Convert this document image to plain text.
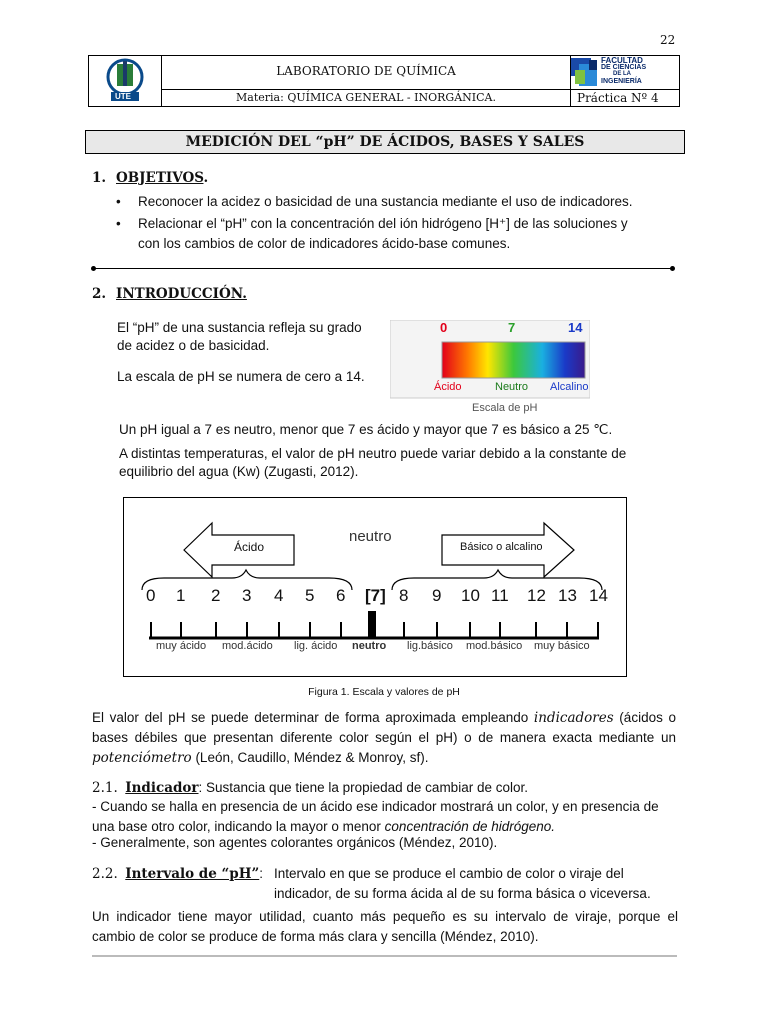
22
UTE
LABORATORIO DE QUÍMICA
Materia: QUÍMICA GENERAL - INORGÁNICA.
FACULTAD
DE CIENCIAS
DE LA
INGENIERÍA
Práctica Nº 4
MEDICIÓN DEL “pH” DE ÁCIDOS, BASES Y SALES
1. OBJETIVOS.
• Reconocer la acidez o basicidad de una sustancia mediante el uso de indicadores.
• Relacionar el “pH” con la concentración del ión hidrógeno [H⁺] de las soluciones y
con los cambios de color de indicadores ácido-base comunes.
2. INTRODUCCIÓN.
El “pH” de una sustancia refleja su grado
de acidez o de basicidad.
La escala de pH se numera de cero a 14.
0	7	14
Ácido	Neutro Alcalino
Escala de pH
Un pH igual a 7 es neutro, menor que 7 es ácido y mayor que 7 es básico a 25 ℃.
A distintas temperaturas, el valor de pH neutro puede variar debido a la constante de
equilibrio del agua (Kw) (Zugasti, 2012).
Ácido
neutro
Básico o alcalino
0 1 2 3 4 5 6 [7] 8 9 10 11 12 13 14
muy ácido mod.ácido lig. ácido neutro lig.básico mod.básico muy básico
Figura 1. Escala y valores de pH
El valor del pH se puede determinar de forma aproximada empleando indicadores (ácidos o bases débiles que presentan diferente color según el pH) o de manera exacta mediante un potenciómetro (León, Caudillo, Méndez & Monroy, sf).
2.1. Indicador: Sustancia que tiene la propiedad de cambiar de color.
- Cuando se halla en presencia de un ácido ese indicador mostrará un color, y en presencia de una base otro color, indicando la mayor o menor concentración de hidrógeno.
- Generalmente, son agentes colorantes orgánicos (Méndez, 2010).
2.2. Intervalo de “pH”: Intervalo en que se produce el cambio de color o viraje del
indicador, de su forma ácida al de su forma básica o viceversa.
Un indicador tiene mayor utilidad, cuanto más pequeño es su intervalo de viraje, porque el cambio de color se produce de forma más clara y sencilla (Méndez, 2010).
